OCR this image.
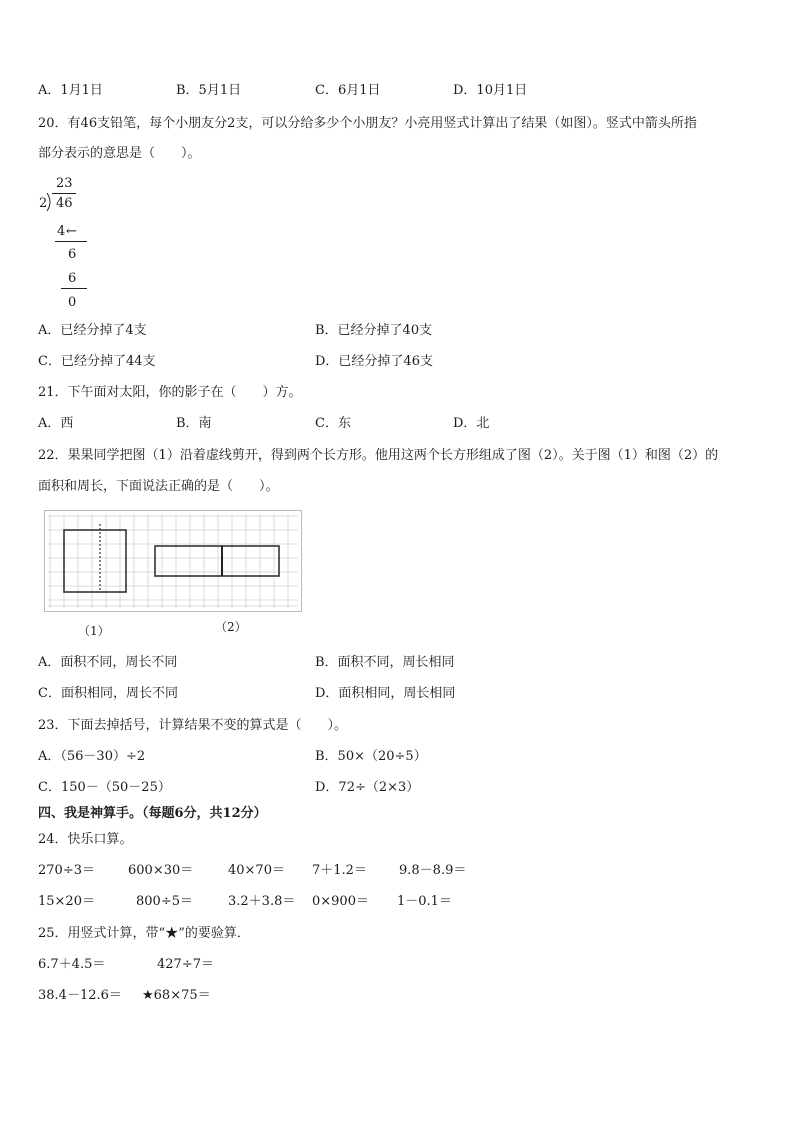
A．1月1日	B．5月1日	C．6月1日	D．10月1日
20．有46支铅笔，每个小朋友分2支，可以分给多少个小朋友？小亮用竖式计算出了结果（如图）。竖式中箭头所指
部分表示的意思是（　　）。
23
2 46
4 ←
6
6
0
A．已经分掉了4支	B．已经分掉了40支
C．已经分掉了44支	D．已经分掉了46支
21．下午面对太阳，你的影子在（　　）方。
A．西	B．南	C．东	D．北
22．果果同学把图（1）沿着虚线剪开，得到两个长方形。他用这两个长方形组成了图（2）。关于图（1）和图（2）的
面积和周长，下面说法正确的是（　　）。
（1）	（2）
A．面积不同，周长不同	B．面积不同，周长相同
C．面积相同，周长不同	D．面积相同，周长相同
23．下面去掉括号，计算结果不变的算式是（　　）。
A．（56－30）÷2	B．50×（20÷5）
C．150－（50－25）	D．72÷（2×3）
四、我是神算手。（每题6分，共12分）
24．快乐口算。
270÷3＝	600×30＝	40×70＝ 7＋1.2＝ 9.8－8.9＝
15×20＝	800÷5＝	3.2＋3.8＝ 0×900＝ 1－0.1＝
25．用竖式计算，带“★”的要验算．
6.7＋4.5＝	427÷7＝
38.4－12.6＝ ★68×75＝
